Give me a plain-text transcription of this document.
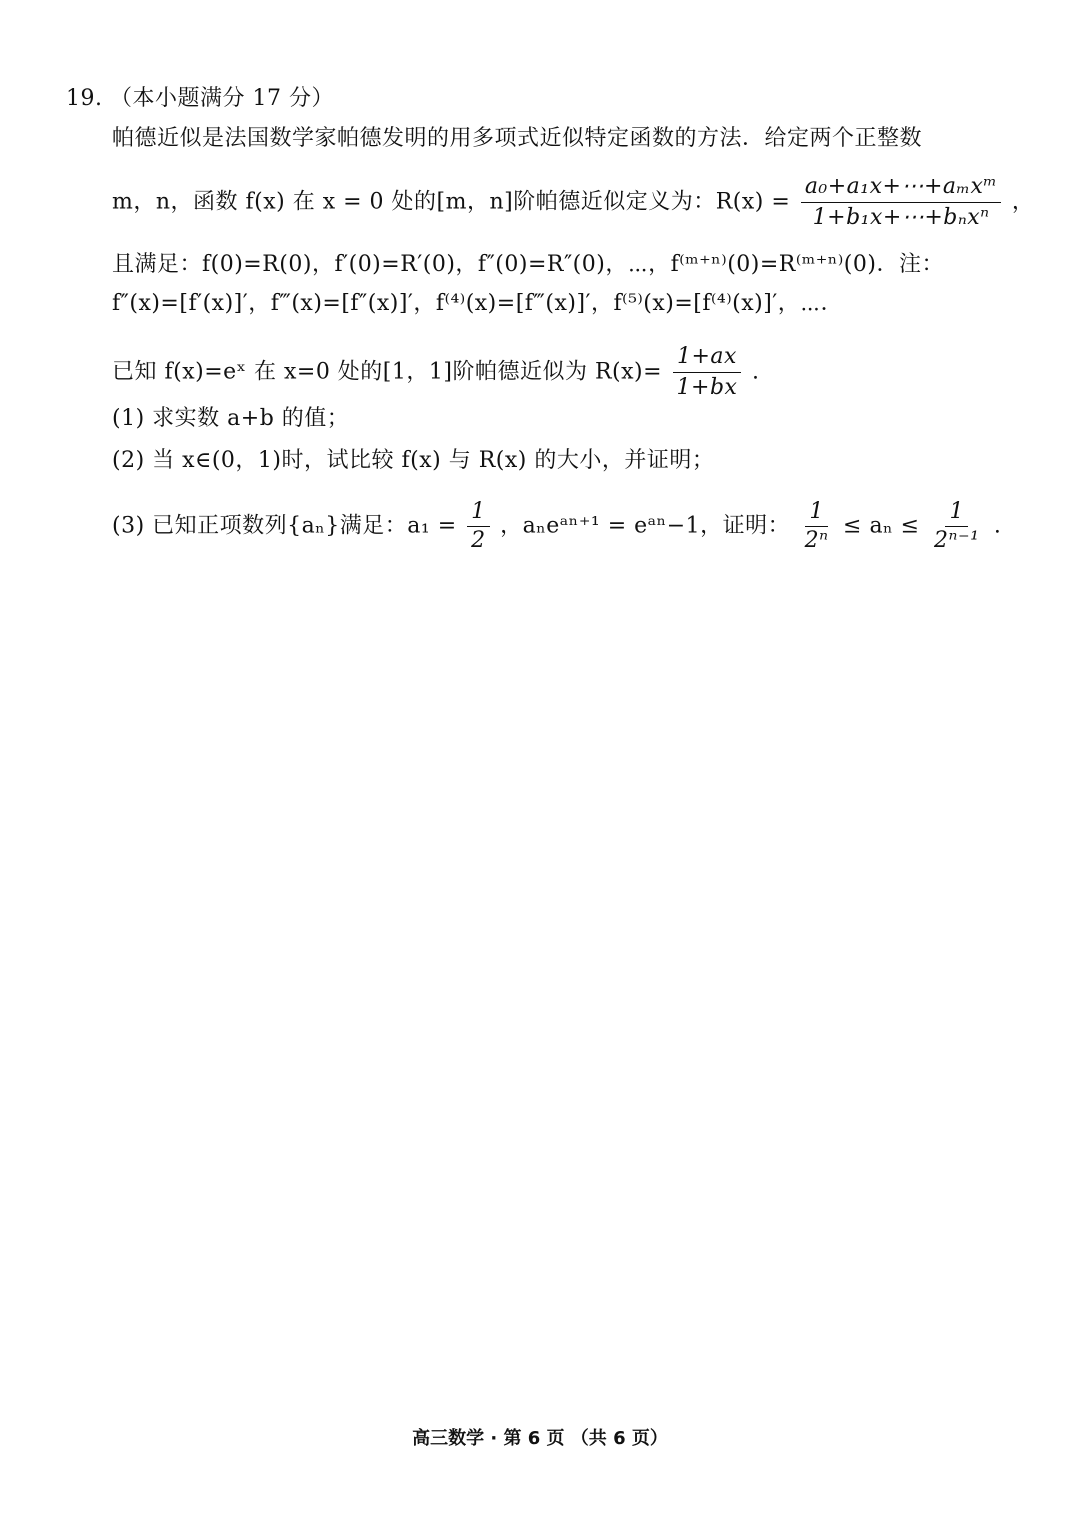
19. （本小题满分 17 分）
帕德近似是法国数学家帕德发明的用多项式近似特定函数的方法．给定两个正整数
m，n，函数 f(x) 在 x = 0 处的[m，n]阶帕德近似定义为：$R(x) = \frac{\text{a₀+a₁x+⋯+aₘxᵐ}}{\text{1+b₁x+⋯+bₙxⁿ}}$ ，
且满足：f(0)=R(0)，f′(0)=R′(0)，f″(0)=R″(0)，⋯，f⁽ᵐ⁺ⁿ⁾(0)=R⁽ᵐ⁺ⁿ⁾(0)．注：
f″(x)=[f′(x)]′，f‴(x)=[f″(x)]′，f⁽⁴⁾(x)=[f‴(x)]′，f⁽⁵⁾(x)=[f⁽⁴⁾(x)]′，⋯．
已知 f(x)=eˣ 在 x=0 处的[1，1]阶帕德近似为 $R(x)= \frac{1+ax}{1+bx}$ .
(1) 求实数 a+b 的值；
(2) 当 x∈(0，1)时，试比较 f(x) 与 R(x) 的大小，并证明；
(3) 已知正项数列{aₙ}满足：$a_1 = \frac{1}{2}$ ，aₙeᵃⁿ⁺¹ = eᵃⁿ−1，证明： $\frac{1}{\text{2ⁿ}} \le a_n \le \frac{1}{\text{2ⁿ⁻¹}}$ .
高三数学 · 第 6 页 （共 6 页）
